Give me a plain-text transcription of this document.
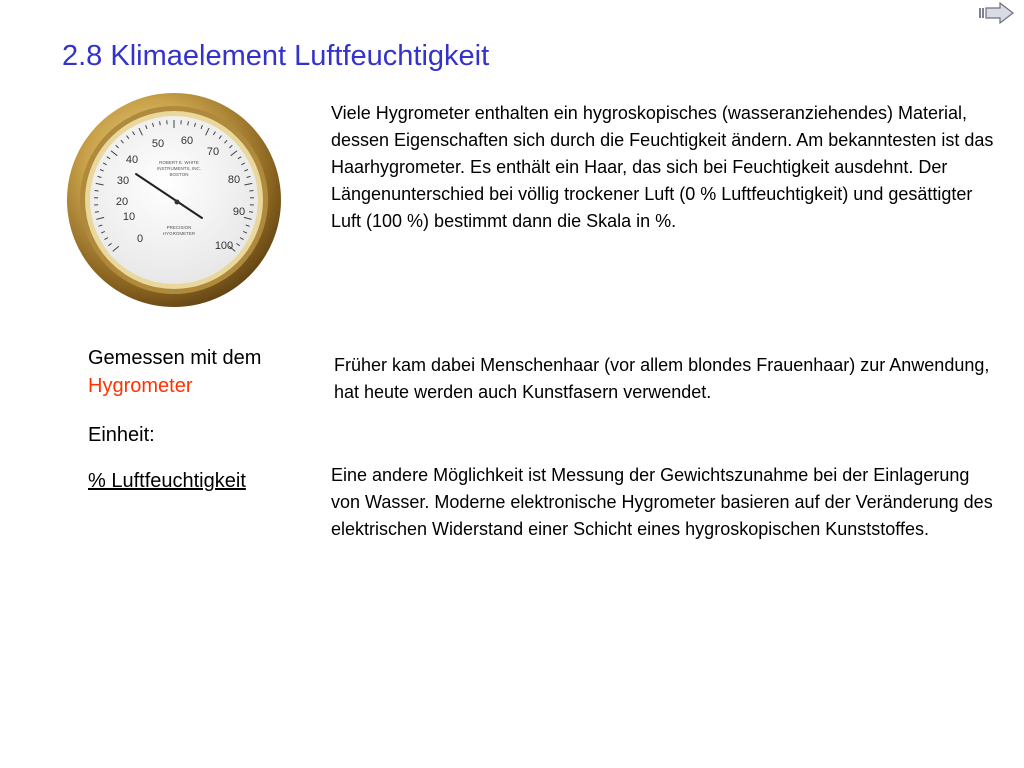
2.8 Klimaelement Luftfeuchtigkeit
0
10
20
30
40
50 60
70
80
90
100
ROBERT E. WHITE
INSTRUMENTS, INC.
BOSTON
PRECISION
HYGROMETER

Viele Hygrometer enthalten ein hygroskopisches (wasseranziehendes) Material, dessen Eigenschaften sich durch die Feuchtigkeit ändern. Am bekanntesten ist das Haarhygrometer. Es enthält ein Haar, das sich bei Feuchtigkeit ausdehnt. Der Längenunterschied bei völlig trockener Luft (0 % Luftfeuchtigkeit) und gesättigter Luft (100 %) bestimmt dann die Skala in %.

Früher kam dabei Menschenhaar (vor allem blondes Frauenhaar) zur Anwendung, hat heute werden auch Kunstfasern verwendet.

Eine andere Möglichkeit ist Messung der Gewichtszunahme bei der Einlagerung von Wasser. Moderne elektronische Hygrometer basieren auf der Veränderung des elektrischen Widerstand einer Schicht eines hygroskopischen Kunststoffes.

Gemessen mit dem Hygrometer

Einheit:

% Luftfeuchtigkeit
